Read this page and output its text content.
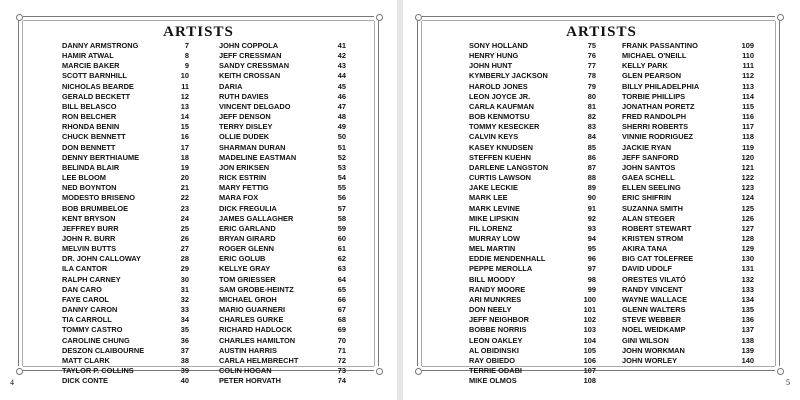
ARTISTS
DANNY ARMSTRONG	7
HAMIR ATWAL	8
MARCIE BAKER	9
SCOTT BARNHILL	10
NICHOLAS BEARDE	11
GERALD BECKETT	12
BILL BELASCO	13
RON BELCHER	14
RHONDA BENIN	15
CHUCK BENNETT	16
DON BENNETT	17
DENNY BERTHIAUME	18
BELINDA BLAIR	19
LEE BLOOM	20
NED BOYNTON	21
MODESTO BRISENO	22
BOB BRUMBELOE	23
KENT BRYSON	24
JEFFREY BURR	25
JOHN R. BURR	26
MELVIN BUTTS	27
DR. JOHN CALLOWAY	28
ILA CANTOR	29
RALPH CARNEY	30
DAN CARO	31
FAYE CAROL	32
DANNY CARON	33
TIA CARROLL	34
TOMMY CASTRO	35
CAROLINE CHUNG	36
DESZON CLAIBOURNE	37
MATT CLARK	38
TAYLOR P. COLLINS	39
DICK CONTE	40
JOHN COPPOLA	41
JEFF CRESSMAN	42
SANDY CRESSMAN	43
KEITH CROSSAN	44
DARIA	45
RUTH DAVIES	46
VINCENT DELGADO	47
JEFF DENSON	48
TERRY DISLEY	49
OLLIE DUDEK	50
SHARMAN DURAN	51
MADELINE EASTMAN	52
JON ERIKSEN	53
RICK ESTRIN	54
MARY FETTIG	55
MARA FOX	56
DICK FREGULIA	57
JAMES GALLAGHER	58
ERIC GARLAND	59
BRYAN GIRARD	60
ROGER GLENN	61
ERIC GOLUB	62
KELLYE GRAY	63
TOM GRIESSER	64
SAM GROBE-HEINTZ	65
MICHAEL GROH	66
MARIO GUARNERI	67
CHARLES GURKE	68
RICHARD HADLOCK	69
CHARLES HAMILTON	70
AUSTIN HARRIS	71
CARLA HELMBRECHT	72
COLIN HOGAN	73
PETER HORVATH	74
4
ARTISTS
SONY HOLLAND	75
HENRY HUNG	76
JOHN HUNT	77
KYMBERLY JACKSON	78
HAROLD JONES	79
LEON JOYCE JR.	80
CARLA KAUFMAN	81
BOB KENMOTSU	82
TOMMY KESECKER	83
CALVIN KEYS	84
KASEY KNUDSEN	85
STEFFEN KUEHN	86
DARLENE LANGSTON	87
CURTIS LAWSON	88
JAKE LECKIE	89
MARK LEE	90
MARK LEVINE	91
MIKE LIPSKIN	92
FIL LORENZ	93
MURRAY LOW	94
MEL MARTIN	95
EDDIE MENDENHALL	96
PEPPE MEROLLA	97
BILL MOODY	98
RANDY MOORE	99
ARI MUNKRES	100
DON NEELY	101
JEFF NEIGHBOR	102
BOBBE NORRIS	103
LEON OAKLEY	104
AL OBIDINSKI	105
RAY OBIEDO	106
TERRIE ODABI	107
MIKE OLMOS	108
FRANK PASSANTINO	109
MICHAEL O'NEILL	110
KELLY PARK	111
GLEN PEARSON	112
BILLY PHILADELPHIA	113
TORBIE PHILLIPS	114
JONATHAN PORETZ	115
FRED RANDOLPH	116
SHERRI ROBERTS	117
VINNIE RODRIGUEZ	118
JACKIE RYAN	119
JEFF SANFORD	120
JOHN SANTOS	121
GAEA SCHELL	122
ELLEN SEELING	123
ERIC SHIFRIN	124
SUZANNA SMITH	125
ALAN STEGER	126
ROBERT STEWART	127
KRISTEN STROM	128
AKIRA TANA	129
BIG CAT TOLEFREE	130
DAVID UDOLF	131
ORESTES VILATÓ	132
RANDY VINCENT	133
WAYNE WALLACE	134
GLENN WALTERS	135
STEVE WEBBER	136
NOEL WEIDKAMP	137
GINI WILSON	138
JOHN WORKMAN	139
JOHN WORLEY	140
5
